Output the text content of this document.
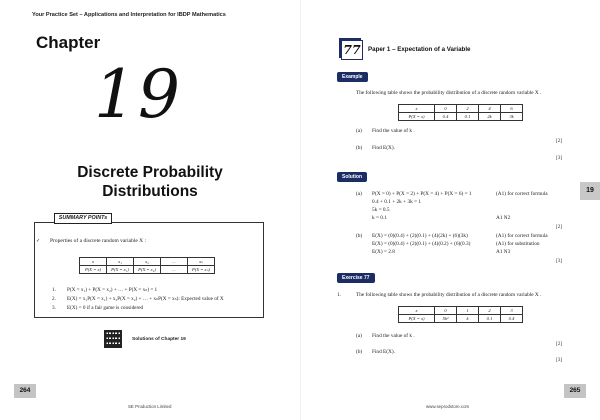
Your Practice Set – Applications and Interpretation for IBDP Mathematics
Chapter
19
Discrete Probability
Distributions
SUMMARY POINTs
✓ Properties of a discrete random variable X :
x	x₁	x₂	...	xₙ
P(X = x)	P(X = x₁)	P(X = x₂)	...	P(X = xₙ)
1. P(X = x₁) + P(X = x₂) + … + P(X = xₙ) = 1
2. E(X) = x₁P(X = x₁) + x₂P(X = x₂) + … + xₙP(X = xₙ): Expected value of X
3. E(X) = 0 if a fair game is considered
Solutions of Chapter 19
264
SE Production Limited
77	Paper 1 – Expectation of a Variable
Example
The following table shows the probability distribution of a discrete random variable X .
x	0	2	4	6
P(X = x)	0.4	0.1	2k	3k
(a) Find the value of k .
[2]
(b) Find E(X).
[3]
Solution
(a) P(X = 0) + P(X = 2) + P(X = 4) + P(X = 6) = 1	(A1) for correct formula
0.4 + 0.1 + 2k + 3k = 1
5k = 0.5
k = 0.1	A1 N2
[2]
(b) E(X) = (0)(0.4) + (2)(0.1) + (4)(2k) + (6)(3k)	(A1) for correct formula
E(X) = (0)(0.4) + (2)(0.1) + (4)(0.2) + (6)(0.3)	(A1) for substitution
E(X) = 2.8	A1 N3
[3]
Exercise 77
1.	The following table shows the probability distribution of a discrete random variable X .
x	0	1	2	3
P(X = x)	5k²	k	0.1	0.4
(a) Find the value of k .
[2]
(b) Find E(X).
[3]
19
265
www.seprodstore.com
